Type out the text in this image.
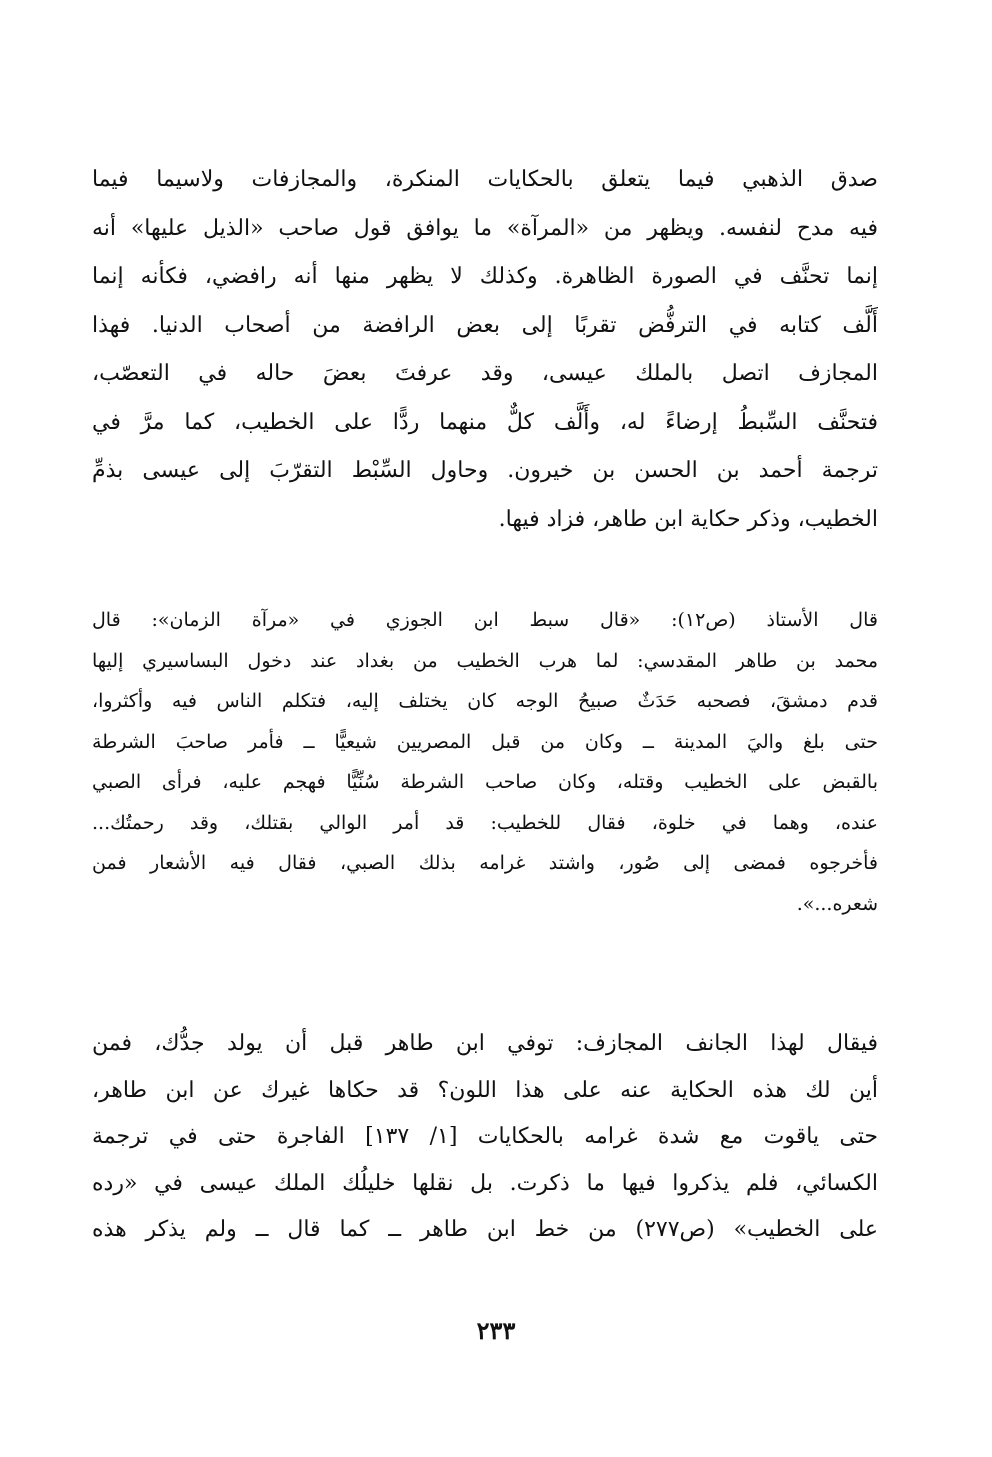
صدق الذهبي فيما يتعلق بالحكايات المنكرة، والمجازفات ولاسيما فيما
فيه مدح لنفسه. ويظهر من «المرآة» ما يوافق قول صاحب «الذيل عليها» أنه
إنما تحنَّف في الصورة الظاهرة. وكذلك لا يظهر منها أنه رافضي، فكأنه إنما
أَلَّف كتابه في الترفُّض تقربًا إلى بعض الرافضة من أصحاب الدنيا. فهذا
المجازف اتصل بالملك عيسى، وقد عرفتَ بعضَ حاله في التعصّب،
فتحنَّف السِّبطُ إرضاءً له، وأَلَّف كلٌّ منهما ردًّا على الخطيب، كما مرَّ في
ترجمة أحمد بن الحسن بن خيرون. وحاول السِّبْط التقرّبَ إلى عيسى بذمِّ
الخطيب، وذكر حكاية ابن طاهر، فزاد فيها.
قال الأستاذ (ص١٢): «قال سبط ابن الجوزي في «مرآة الزمان»: قال
محمد بن طاهر المقدسي: لما هرب الخطيب من بغداد عند دخول البساسيري إليها
قدم دمشقَ، فصحبه حَدَثٌ صبيحُ الوجه كان يختلف إليه، فتكلم الناس فيه وأكثروا،
حتى بلغ واليَ المدينة ــ وكان من قبل المصريين شيعيًّا ــ فأمر صاحبَ الشرطة
بالقبض على الخطيب وقتله، وكان صاحب الشرطة سُنِّيًّا فهجم عليه، فرأى الصبي
عنده، وهما في خلوة، فقال للخطيب: قد أمر الوالي بقتلك، وقد رحمتُك...
فأخرجوه فمضى إلى صُور، واشتد غرامه بذلك الصبي، فقال فيه الأشعار فمن
شعره...».
فيقال لهذا الجانف المجازف: توفي ابن طاهر قبل أن يولد جدُّك، فمن
أين لك هذه الحكاية عنه على هذا اللون؟ قد حكاها غيرك عن ابن طاهر،
حتى ياقوت مع شدة غرامه بالحكايات [١/ ١٣٧] الفاجرة حتى في ترجمة
الكسائي، فلم يذكروا فيها ما ذكرت. بل نقلها خليلُك الملك عيسى في «رده
على الخطيب» (ص٢٧٧) من خط ابن طاهر ــ كما قال ــ ولم يذكر هذه
٢٣٣
